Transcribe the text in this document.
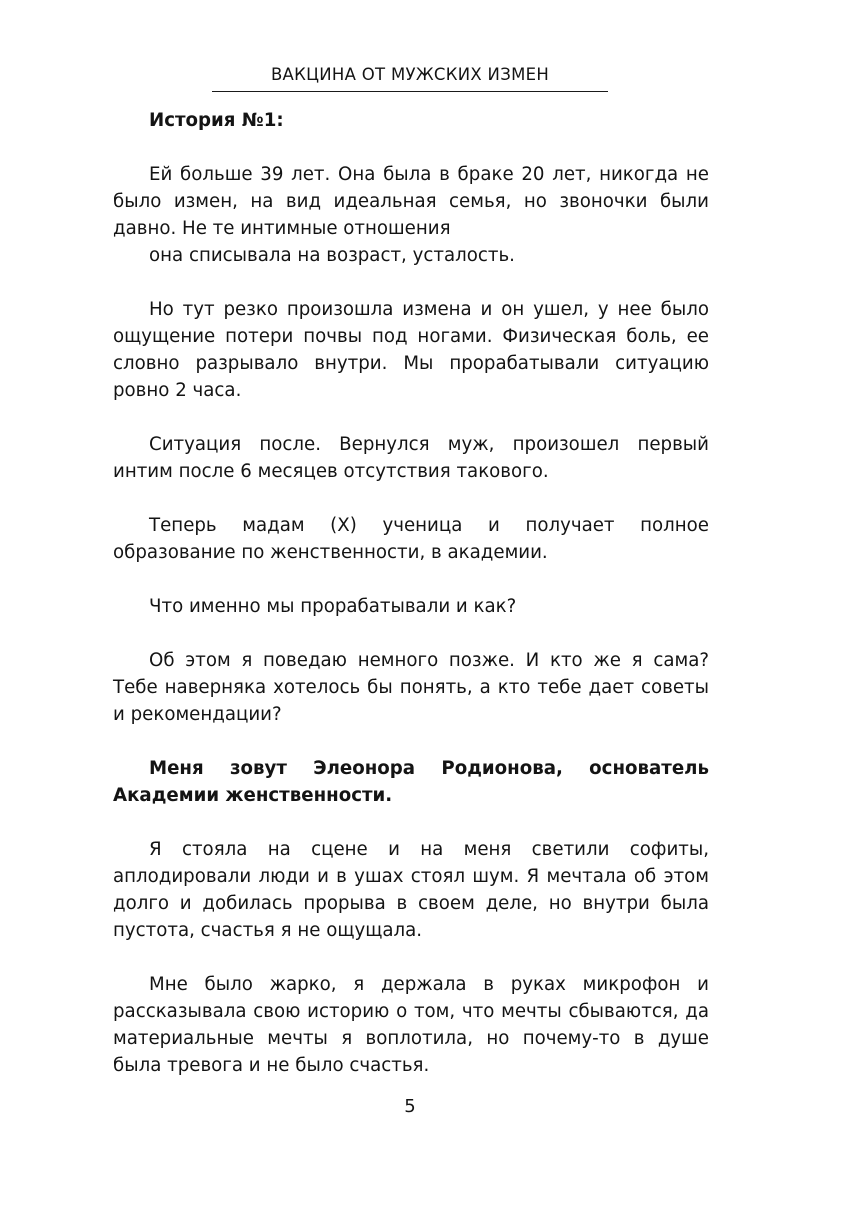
ВАКЦИНА ОТ МУЖСКИХ ИЗМЕН

История №1:

Ей больше 39 лет. Она была в браке 20 лет, никогда не было измен, на вид идеальная семья, но звоночки были давно. Не те интимные отношения

она списывала на возраст, усталость.

Но тут резко произошла измена и он ушел, у нее было ощущение потери почвы под ногами. Физическая боль, ее словно разрывало внутри. Мы прорабатывали ситуацию ровно 2 часа.

Ситуация после. Вернулся муж, произошел первый интим после 6 месяцев отсутствия такового.

Теперь мадам (Х) ученица и получает полное образование по женственности, в академии.

Что именно мы прорабатывали и как?

Об этом я поведаю немного позже. И кто же я сама? Тебе наверняка хотелось бы понять, а кто тебе дает советы и рекомендации?

Меня зовут Элеонора Родионова, основатель Академии женственности.

Я стояла на сцене и на меня светили софиты, аплодировали люди и в ушах стоял шум. Я мечтала об этом долго и добилась прорыва в своем деле, но внутри была пустота, счастья я не ощущала.

Мне было жарко, я держала в руках микрофон и рассказывала свою историю о том, что мечты сбываются, да материальные мечты я воплотила, но почему-то в душе была тревога и не было счастья.

5
